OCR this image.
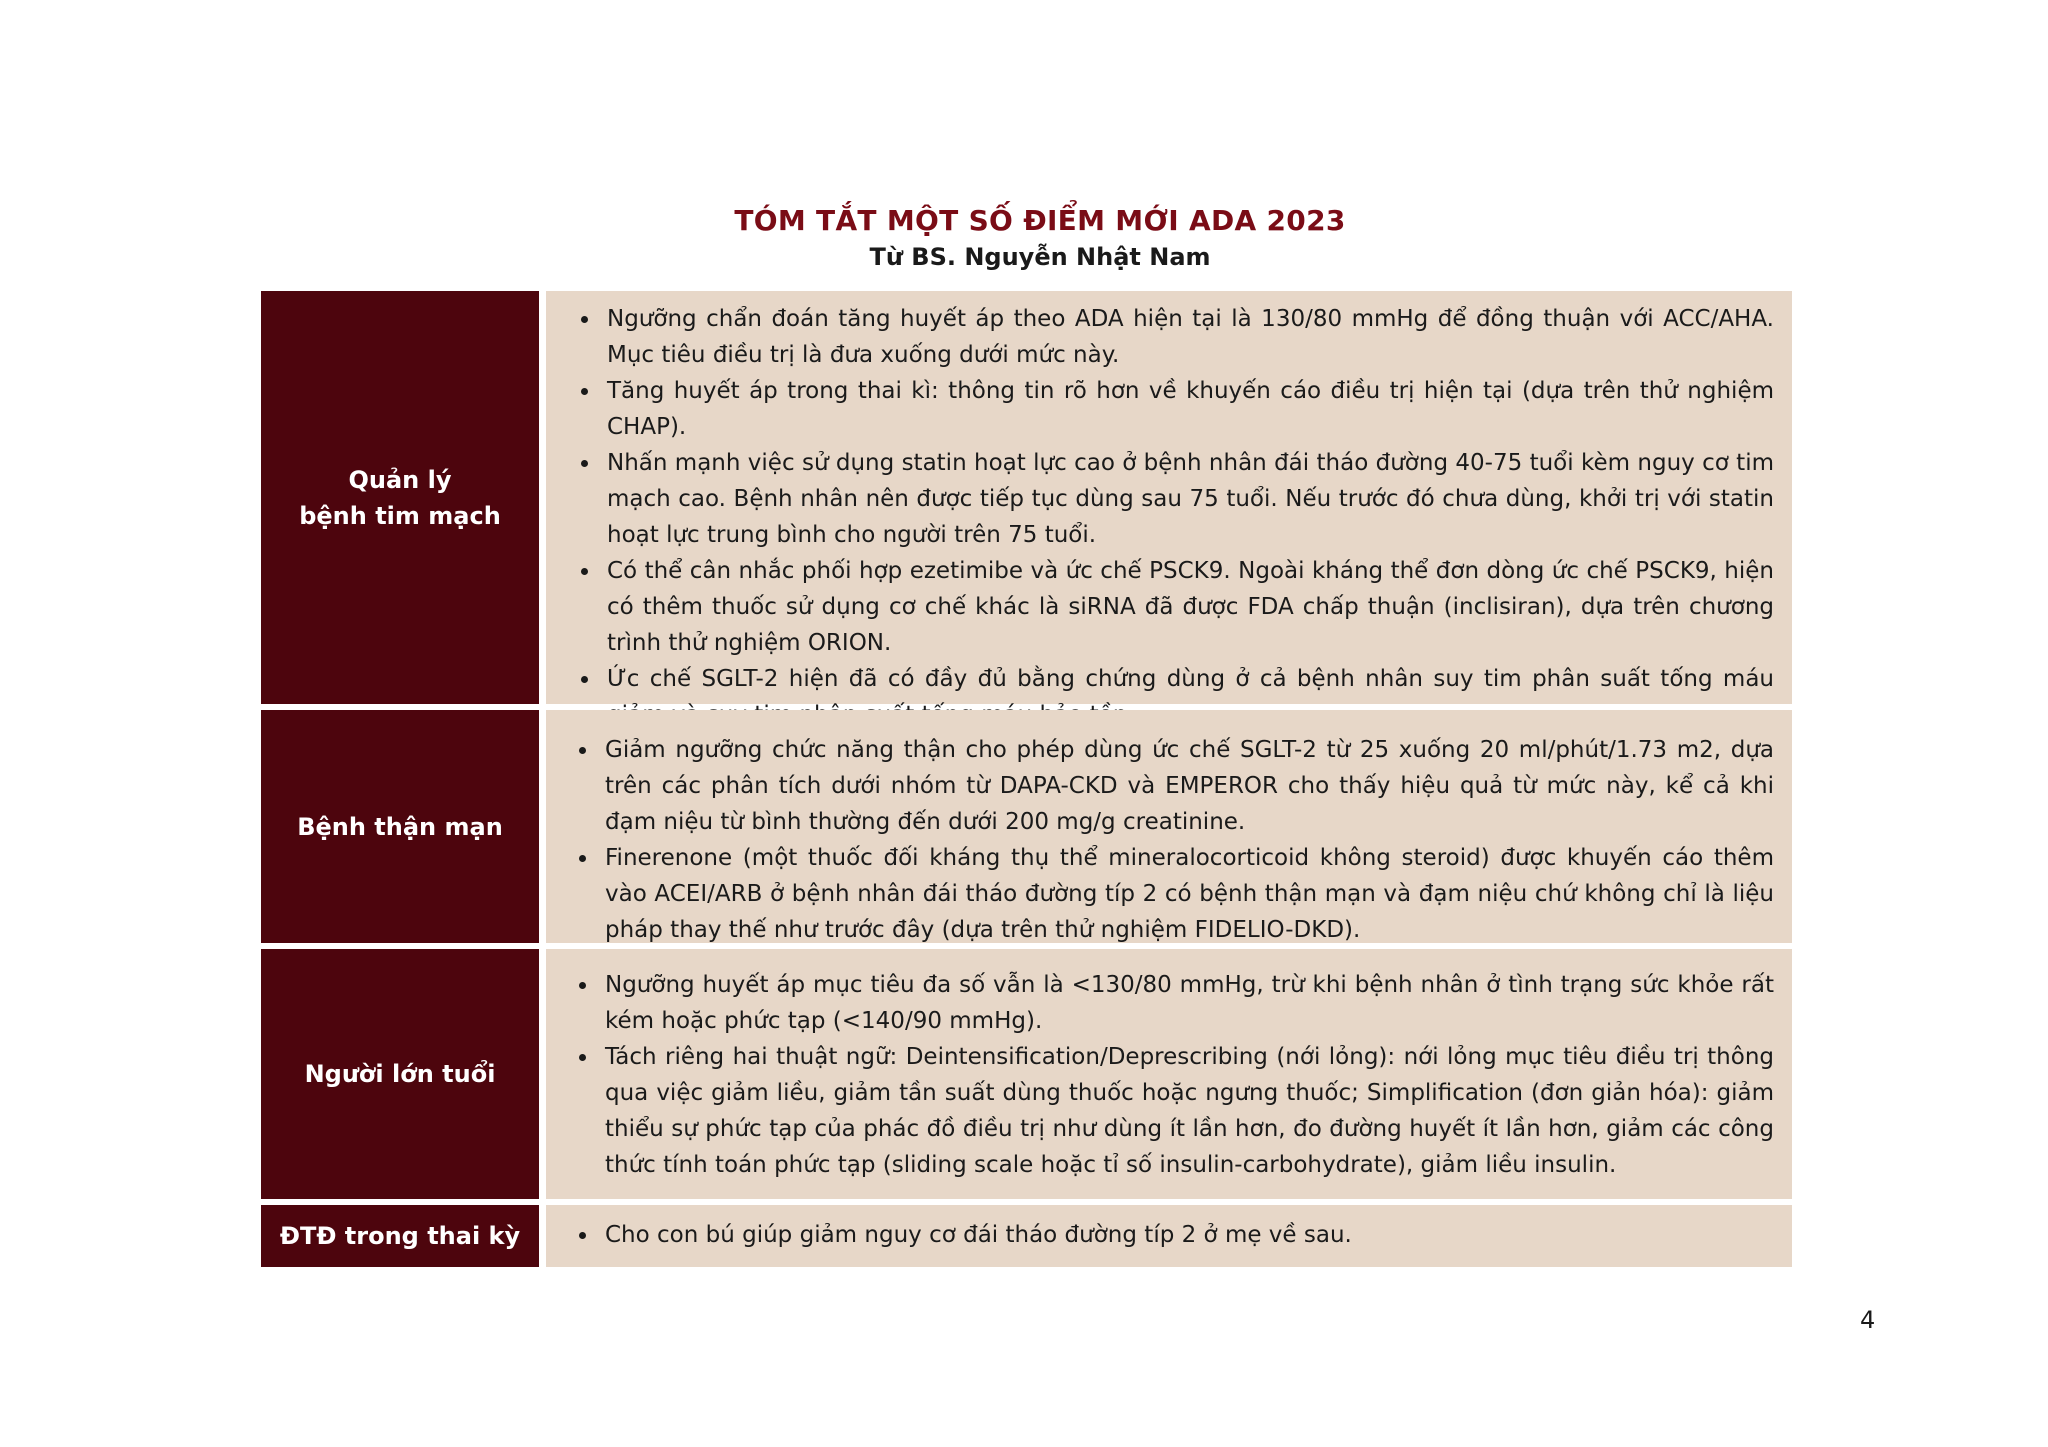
TÓM TẮT MỘT SỐ ĐIỂM MỚI ADA 2023
Từ BS. Nguyễn Nhật Nam
Quản lý
bệnh tim mạch
• Ngưỡng chẩn đoán tăng huyết áp theo ADA hiện tại là 130/80 mmHg để đồng thuận với ACC/AHA. Mục tiêu điều trị là đưa xuống dưới mức này.
• Tăng huyết áp trong thai kì: thông tin rõ hơn về khuyến cáo điều trị hiện tại (dựa trên thử nghiệm CHAP).
• Nhấn mạnh việc sử dụng statin hoạt lực cao ở bệnh nhân đái tháo đường 40-75 tuổi kèm nguy cơ tim mạch cao. Bệnh nhân nên được tiếp tục dùng sau 75 tuổi. Nếu trước đó chưa dùng, khởi trị với statin hoạt lực trung bình cho người trên 75 tuổi.
• Có thể cân nhắc phối hợp ezetimibe và ức chế PSCK9. Ngoài kháng thể đơn dòng ức chế PSCK9, hiện có thêm thuốc sử dụng cơ chế khác là siRNA đã được FDA chấp thuận (inclisiran), dựa trên chương trình thử nghiệm ORION.
• Ức chế SGLT-2 hiện đã có đầy đủ bằng chứng dùng ở cả bệnh nhân suy tim phân suất tống máu
Bệnh thận mạn
• Giảm ngưỡng chức năng thận cho phép dùng ức chế SGLT-2 từ 25 xuống 20 ml/phút/1.73 m2, dựa trên các phân tích dưới nhóm từ DAPA-CKD và EMPEROR cho thấy hiệu quả từ mức này, kể cả khi đạm niệu từ bình thường đến dưới 200 mg/g creatinine.
• Finerenone (một thuốc đối kháng thụ thể mineralocorticoid không steroid) được khuyến cáo thêm vào ACEI/ARB ở bệnh nhân đái tháo đường típ 2 có bệnh thận mạn và đạm niệu chứ không chỉ là liệu pháp thay thế như trước đây (dựa trên thử nghiệm FIDELIO-DKD).
Người lớn tuổi
• Ngưỡng huyết áp mục tiêu đa số vẫn là <130/80 mmHg, trừ khi bệnh nhân ở tình trạng sức khỏe rất kém hoặc phức tạp (<140/90 mmHg).
• Tách riêng hai thuật ngữ: Deintensification/Deprescribing (nới lỏng): nới lỏng mục tiêu điều trị thông qua việc giảm liều, giảm tần suất dùng thuốc hoặc ngưng thuốc; Simplification (đơn giản hóa): giảm thiểu sự phức tạp của phác đồ điều trị như dùng ít lần hơn, đo đường huyết ít lần hơn, giảm các công thức tính toán phức tạp (sliding scale hoặc tỉ số insulin-carbohydrate), giảm liều insulin.
ĐTĐ trong thai kỳ
•	Cho con bú giúp giảm nguy cơ đái tháo đường típ 2 ở mẹ về sau.
4
